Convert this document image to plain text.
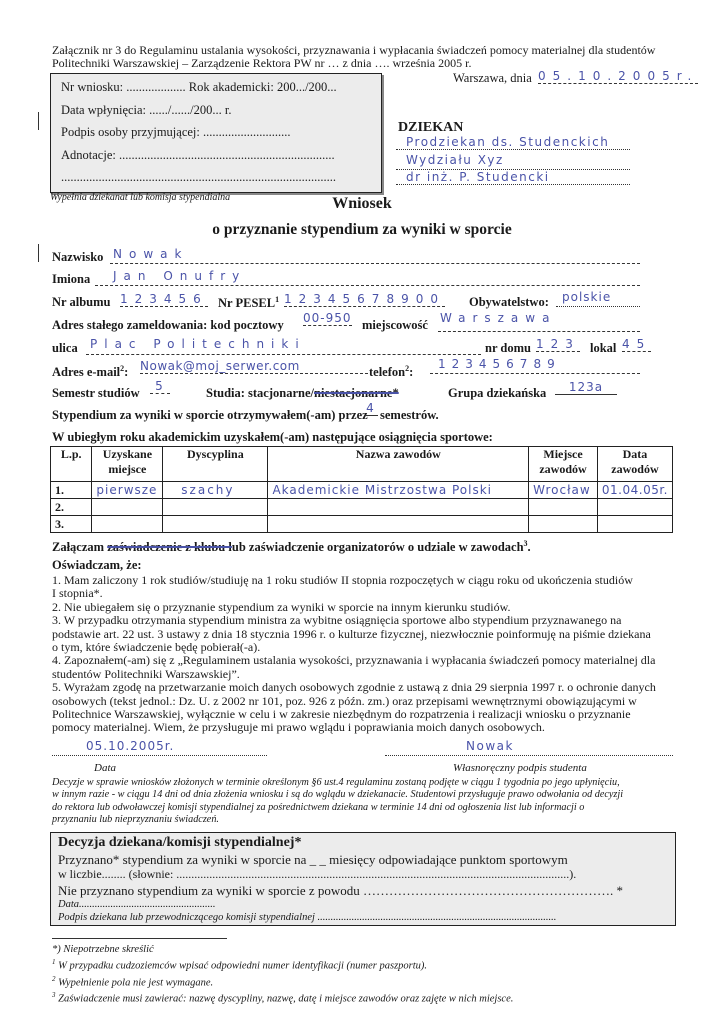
Załącznik nr 3 do Regulaminu ustalania wysokości, przyznawania i wypłacania świadczeń pomocy materialnej dla studentów
Politechniki Warszawskiej – Zarządzenie Rektora PW nr … z dnia …. września 2005 r.
Warszawa, dnia 05.10.2005r.
Nr wniosku: ................... Rok akademicki: 200.../200...
Data wpłynięcia: ....../....../200... r.
Podpis osoby przyjmującej: ............................
Adnotacje: .....................................................................
........................................................................................
Wypełnia dziekanat lub komisja stypendialna
DZIEKAN
Prodziekan ds. Studenckich
Wydziału Xyz
dr inż. P. Studencki
Wniosek
o przyznanie stypendium za wyniki w sporcie
Nazwisko Nowak
Imiona Jan Onufry
Nr albumu 123456 Nr PESEL$^1$ 12345678900 Obywatelstwo: polskie
Adres stałego zameldowania: kod pocztowy 00-950 miejscowość Warszawa
ulica Plac Politechniki	nr domu 123 lokal 45
Adres e-mail$^2$: Nowak@moj_serwer.com	telefon$^2$:
123456789
Semestr studiów	5	Studia: stacjonarne/niestacjonarne*	Grupa dziekańska	123a
Stypendium za wyniki w sporcie otrzymywałem(-am) przez
4 semestrów.
W ubiegłym roku akademickim uzyskałem(-am) następujące osiągnięcia sportowe:
L.p.	Uzyskane miejsce	Dyscyplina	Nazwa zawodów	Miejsce zawodów	Data zawodów
1.	pierwsze	szachy	Akademickie Mistrzostwa Polski	Wrocław	01.04.05r.
2.					
3.					
Załączam zaświadczenie z klubu lub zaświadczenie organizatorów o udziale w zawodach$^3$.
Oświadczam, że:
1. Mam zaliczony 1 rok studiów/studiuję na 1 roku studiów II stopnia rozpoczętych w ciągu roku od ukończenia studiów
I stopnia*.
2. Nie ubiegałem się o przyznanie stypendium za wyniki w sporcie na innym kierunku studiów.
3. W przypadku otrzymania stypendium ministra za wybitne osiągnięcia sportowe albo stypendium przyznawanego na
podstawie art. 22 ust. 3 ustawy z dnia 18 stycznia 1996 r. o kulturze fizycznej, niezwłocznie poinformuję na piśmie dziekana
o tym, które świadczenie będę pobierał(-a).
4. Zapoznałem(-am) się z „Regulaminem ustalania wysokości, przyznawania i wypłacania świadczeń pomocy materialnej dla
studentów Politechniki Warszawskiej”.
5. Wyrażam zgodę na przetwarzanie moich danych osobowych zgodnie z ustawą z dnia 29 sierpnia 1997 r. o ochronie danych
osobowych (tekst jednol.: Dz. U. z 2002 nr 101, poz. 926 z późn. zm.) oraz przepisami wewnętrznymi obowiązującymi w
Politechnice Warszawskiej, wyłącznie w celu i w zakresie niezbędnym do rozpatrzenia i realizacji wniosku o przyznanie
pomocy materialnej. Wiem, że przysługuje mi prawo wglądu i poprawiania moich danych osobowych.
05.10.2005r.	Nowak
Data	Własnoręczny podpis studenta
Decyzje w sprawie wniosków złożonych w terminie określonym §6 ust.4 regulaminu zostaną podjęte w ciągu 1 tygodnia po jego upłynięciu,
w innym razie - w ciągu 14 dni od dnia złożenia wniosku i są do wglądu w dziekanacie. Studentowi przysługuje prawo odwołania od decyzji
do rektora lub odwoławczej komisji stypendialnej za pośrednictwem dziekana w terminie 14 dni od ogłoszenia list lub informacji o
przyznaniu lub nieprzyznaniu świadczeń.
Decyzja dziekana/komisji stypendialnej*
Przyznano* stypendium za wyniki w sporcie na _ _ miesięcy odpowiadające punktom sportowym
w liczbie........ (słownie: ...................................................................................................................................).
Nie przyznano stypendium za wyniki w sporcie z powodu …………………………………………………. *
Data....................................................
Podpis dziekana lub przewodniczącego komisji stypendialnej ...........................................................................................
*) Niepotrzebne skreślić
$^1$ W przypadku cudzoziemców wpisać odpowiedni numer identyfikacji (numer paszportu).
$^2$ Wypełnienie pola nie jest wymagane.
$^3$ Zaświadczenie musi zawierać: nazwę dyscypliny, nazwę, datę i miejsce zawodów oraz zajęte w nich miejsce.
